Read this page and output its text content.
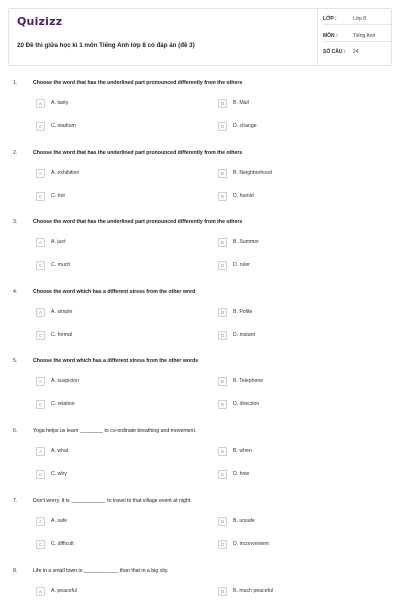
Quizizz
20 Đề thi giữa học kì 1 môn Tiếng Anh lớp 8 có đáp án (đề 3)
LỚP :	Lớp 8
MÔN :	Tiếng Anh
SỐ CÂU :	24
1.	Choose the word that has the underlined part pronounced differently from the others
A	A. tasty	B	B. Mall
C	C. stadium	D	D. change
2.	Choose the word that has the underlined part pronounced differently from the others
A	A. exhibition	B	B. Neighborhood
C	C. hot	D	D. humid
3.	Choose the word that has the underlined part pronounced differently from the others
A	A. just	B	B. Summer
C	C. much	D	D. ruler
4.	Choose the word which has a different stress from the other word
A	A. simple	B	B. Polite
C	C. formal	D	D. instant
5.	Choose the word which has a different stress from the other words
A	A. suspicion	B	B. Telephone
C	C. relation	D	D. direction
6.	Yoga helps us learn ________ to co-ordinate breathing and movement.
A	A. what	B	B. when
C	C. why	D	D. how
7.	Don't worry. It is ____________ to travel to that village event at night.
A	A. safe	B	B. unsafe
C	C. difficult	D	D. inconvenient
8.	Life in a small town is ____________ than that in a big city.
A	A. peaceful	B	B. much peaceful
